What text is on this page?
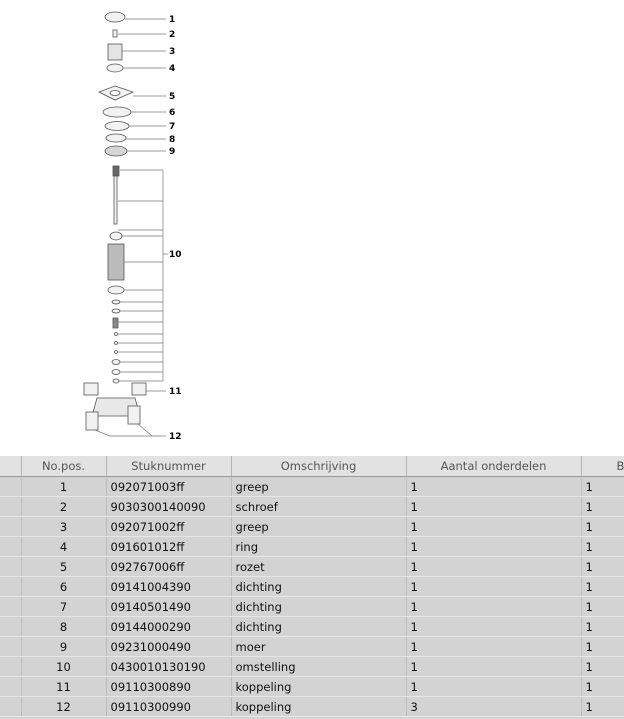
1
2
3
4
5
6
7
8
9
10
11
12
	No.pos.	Stuknummer	Omschrijving	Aantal onderdelen	B
	1	092071003ff	greep	1	1
	2	9030300140090	schroef	1	1
	3	092071002ff	greep	1	1
	4	091601012ff	ring	1	1
	5	092767006ff	rozet	1	1
	6	09141004390	dichting	1	1
	7	09140501490	dichting	1	1
	8	09144000290	dichting	1	1
	9	09231000490	moer	1	1
	10	0430010130190	omstelling	1	1
	11	09110300890	koppeling	1	1
	12	09110300990	koppeling	3	1
